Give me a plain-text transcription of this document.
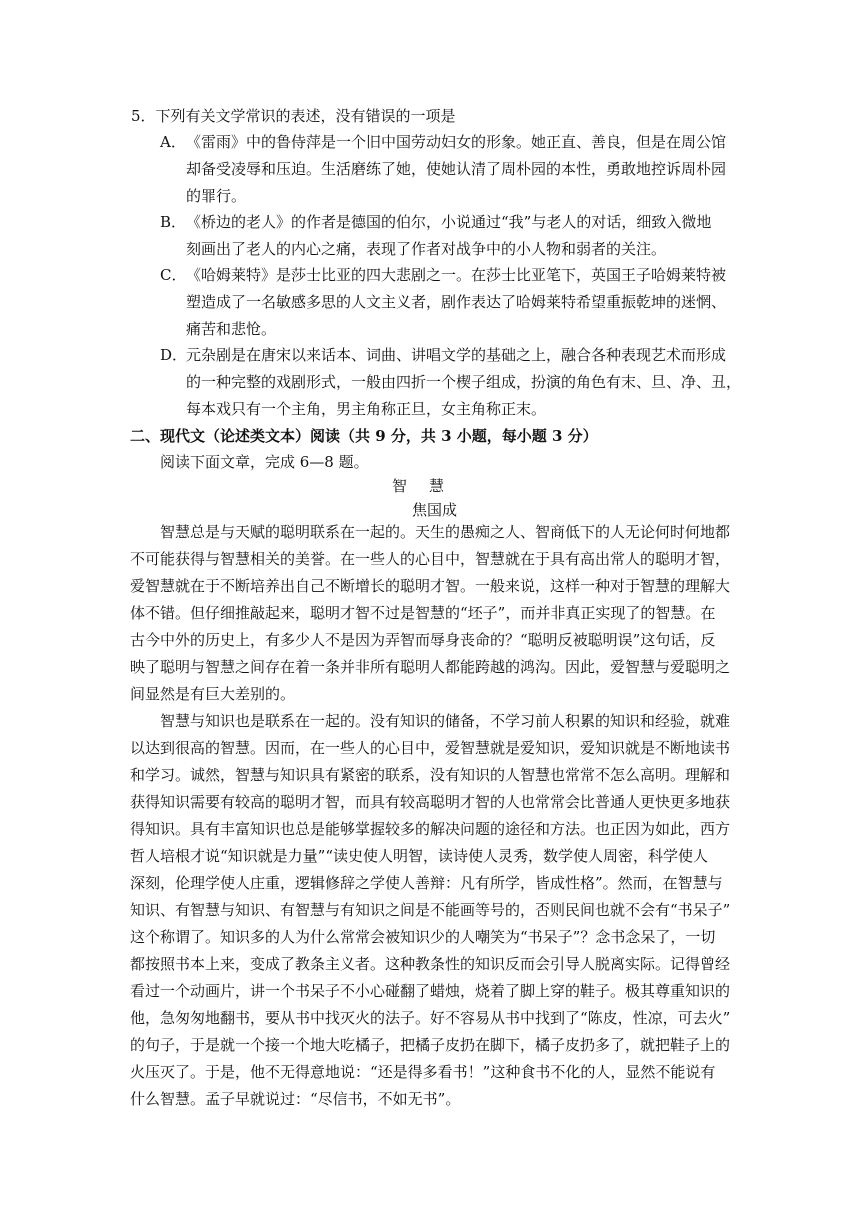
5．下列有关文学常识的表述，没有错误的一项是
A． 《雷雨》中的鲁侍萍是一个旧中国劳动妇女的形象。她正直、善良，但是在周公馆
却备受凌辱和压迫。生活磨练了她，使她认清了周朴园的本性，勇敢地控诉周朴园
的罪行。
B． 《桥边的老人》的作者是德国的伯尔，小说通过“我”与老人的对话，细致入微地
刻画出了老人的内心之痛，表现了作者对战争中的小人物和弱者的关注。
C． 《哈姆莱特》是莎士比亚的四大悲剧之一。在莎士比亚笔下，英国王子哈姆莱特被
塑造成了一名敏感多思的人文主义者，剧作表达了哈姆莱特希望重振乾坤的迷惘、
痛苦和悲怆。
D．
元杂剧是在唐宋以来话本、词曲、讲唱文学的基础之上，融合各种表现艺术而形成
的一种完整的戏剧形式，一般由四折一个楔子组成，扮演的角色有末、旦、净、丑，
每本戏只有一个主角，男主角称正旦，女主角称正末。
二、现代文（论述类文本）阅读（共 9 分，共 3 小题，每小题 3 分）
阅读下面文章，完成 6—8 题。
智慧
焦国成
智慧总是与天赋的聪明联系在一起的。天生的愚痴之人、智商低下的人无论何时何地都
不可能获得与智慧相关的美誉。在一些人的心目中，智慧就在于具有高出常人的聪明才智，
爱智慧就在于不断培养出自己不断增长的聪明才智。一般来说，这样一种对于智慧的理解大
体不错。但仔细推敲起来，聪明才智不过是智慧的“坯子”，而并非真正实现了的智慧。在
古今中外的历史上，有多少人不是因为弄智而辱身丧命的？“聪明反被聪明误”这句话，反
映了聪明与智慧之间存在着一条并非所有聪明人都能跨越的鸿沟。因此，爱智慧与爱聪明之
间显然是有巨大差别的。
智慧与知识也是联系在一起的。没有知识的储备，不学习前人积累的知识和经验，就难
以达到很高的智慧。因而，在一些人的心目中，爱智慧就是爱知识，爱知识就是不断地读书
和学习。诚然，智慧与知识具有紧密的联系，没有知识的人智慧也常常不怎么高明。理解和
获得知识需要有较高的聪明才智，而具有较高聪明才智的人也常常会比普通人更快更多地获
得知识。具有丰富知识也总是能够掌握较多的解决问题的途径和方法。也正因为如此，西方
哲人培根才说“知识就是力量”“读史使人明智，读诗使人灵秀，数学使人周密，科学使人
深刻，伦理学使人庄重，逻辑修辞之学使人善辩：凡有所学，皆成性格”。然而，在智慧与
知识、有智慧与知识、有智慧与有知识之间是不能画等号的，否则民间也就不会有“书呆子”
这个称谓了。知识多的人为什么常常会被知识少的人嘲笑为“书呆子”？念书念呆了，一切
都按照书本上来，变成了教条主义者。这种教条性的知识反而会引导人脱离实际。记得曾经
看过一个动画片，讲一个书呆子不小心碰翻了蜡烛，烧着了脚上穿的鞋子。极其尊重知识的
他，急匆匆地翻书，要从书中找灭火的法子。好不容易从书中找到了“陈皮，性凉，可去火”
的句子，于是就一个接一个地大吃橘子，把橘子皮扔在脚下，橘子皮扔多了，就把鞋子上的
火压灭了。于是，他不无得意地说：“还是得多看书！”这种食书不化的人，显然不能说有
什么智慧。孟子早就说过：“尽信书，不如无书”。
